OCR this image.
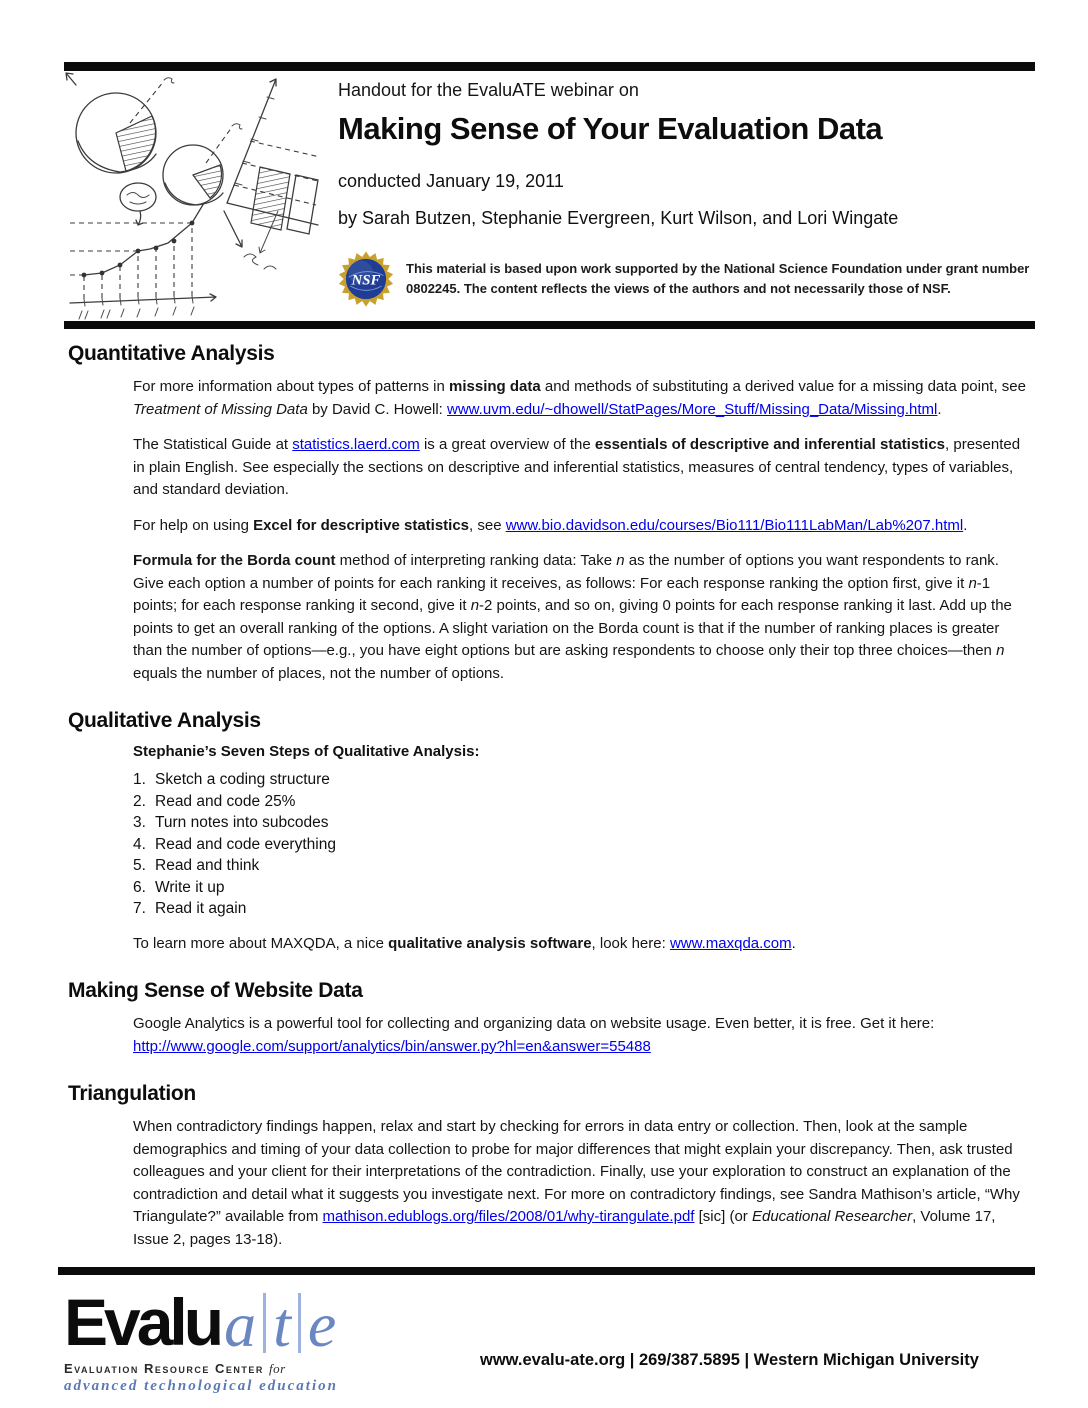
Handout for the EvaluATE webinar on
Making Sense of Your Evaluation Data
conducted January 19, 2011
by Sarah Butzen, Stephanie Evergreen, Kurt Wilson, and Lori Wingate
NSF
This material is based upon work supported by the National Science Foundation under grant number 0802245. The content reflects the views of the authors and not necessarily those of NSF.
Quantitative Analysis
For more information about types of patterns in missing data and methods of substituting a derived value for a missing data point, see Treatment of Missing Data by David C. Howell: www.uvm.edu/~dhowell/StatPages/More_Stuff/Missing_Data/Missing.html.
The Statistical Guide at statistics.laerd.com is a great overview of the essentials of descriptive and inferential statistics, presented in plain English. See especially the sections on descriptive and inferential statistics, measures of central tendency, types of variables, and standard deviation.
For help on using Excel for descriptive statistics, see www.bio.davidson.edu/courses/Bio111/Bio111LabMan/Lab%207.html.
Formula for the Borda count method of interpreting ranking data: Take n as the number of options you want respondents to rank. Give each option a number of points for each ranking it receives, as follows: For each response ranking the option first, give it n-1 points; for each response ranking it second, give it n-2 points, and so on, giving 0 points for each response ranking it last. Add up the points to get an overall ranking of the options. A slight variation on the Borda count is that if the number of ranking places is greater than the number of options—e.g., you have eight options but are asking respondents to choose only their top three choices—then n equals the number of places, not the number of options.
Qualitative Analysis
Stephanie’s Seven Steps of Qualitative Analysis:
1. Sketch a coding structure
2. Read and code 25%
3. Turn notes into subcodes
4. Read and code everything
5. Read and think
6. Write it up
7. Read it again
To learn more about MAXQDA, a nice qualitative analysis software, look here: www.maxqda.com.
Making Sense of Website Data
Google Analytics is a powerful tool for collecting and organizing data on website usage. Even better, it is free. Get it here: http://www.google.com/support/analytics/bin/answer.py?hl=en&answer=55488
Triangulation
When contradictory findings happen, relax and start by checking for errors in data entry or collection. Then, look at the sample demographics and timing of your data collection to probe for major differences that might explain your discrepancy. Then, ask trusted colleagues and your client for their interpretations of the contradiction. Finally, use your exploration to construct an explanation of the contradiction and detail what it suggests you investigate next. For more on contradictory findings, see Sandra Mathison’s article, “Why Triangulate?” available from mathison.edublogs.org/files/2008/01/why-tirangulate.pdf [sic] (or Educational Researcher, Volume 17, Issue 2, pages 13-18).
Evalu a t e
Evaluation Resource Center for
advanced technological education
www.evalu-ate.org | 269/387.5895 | Western Michigan University
